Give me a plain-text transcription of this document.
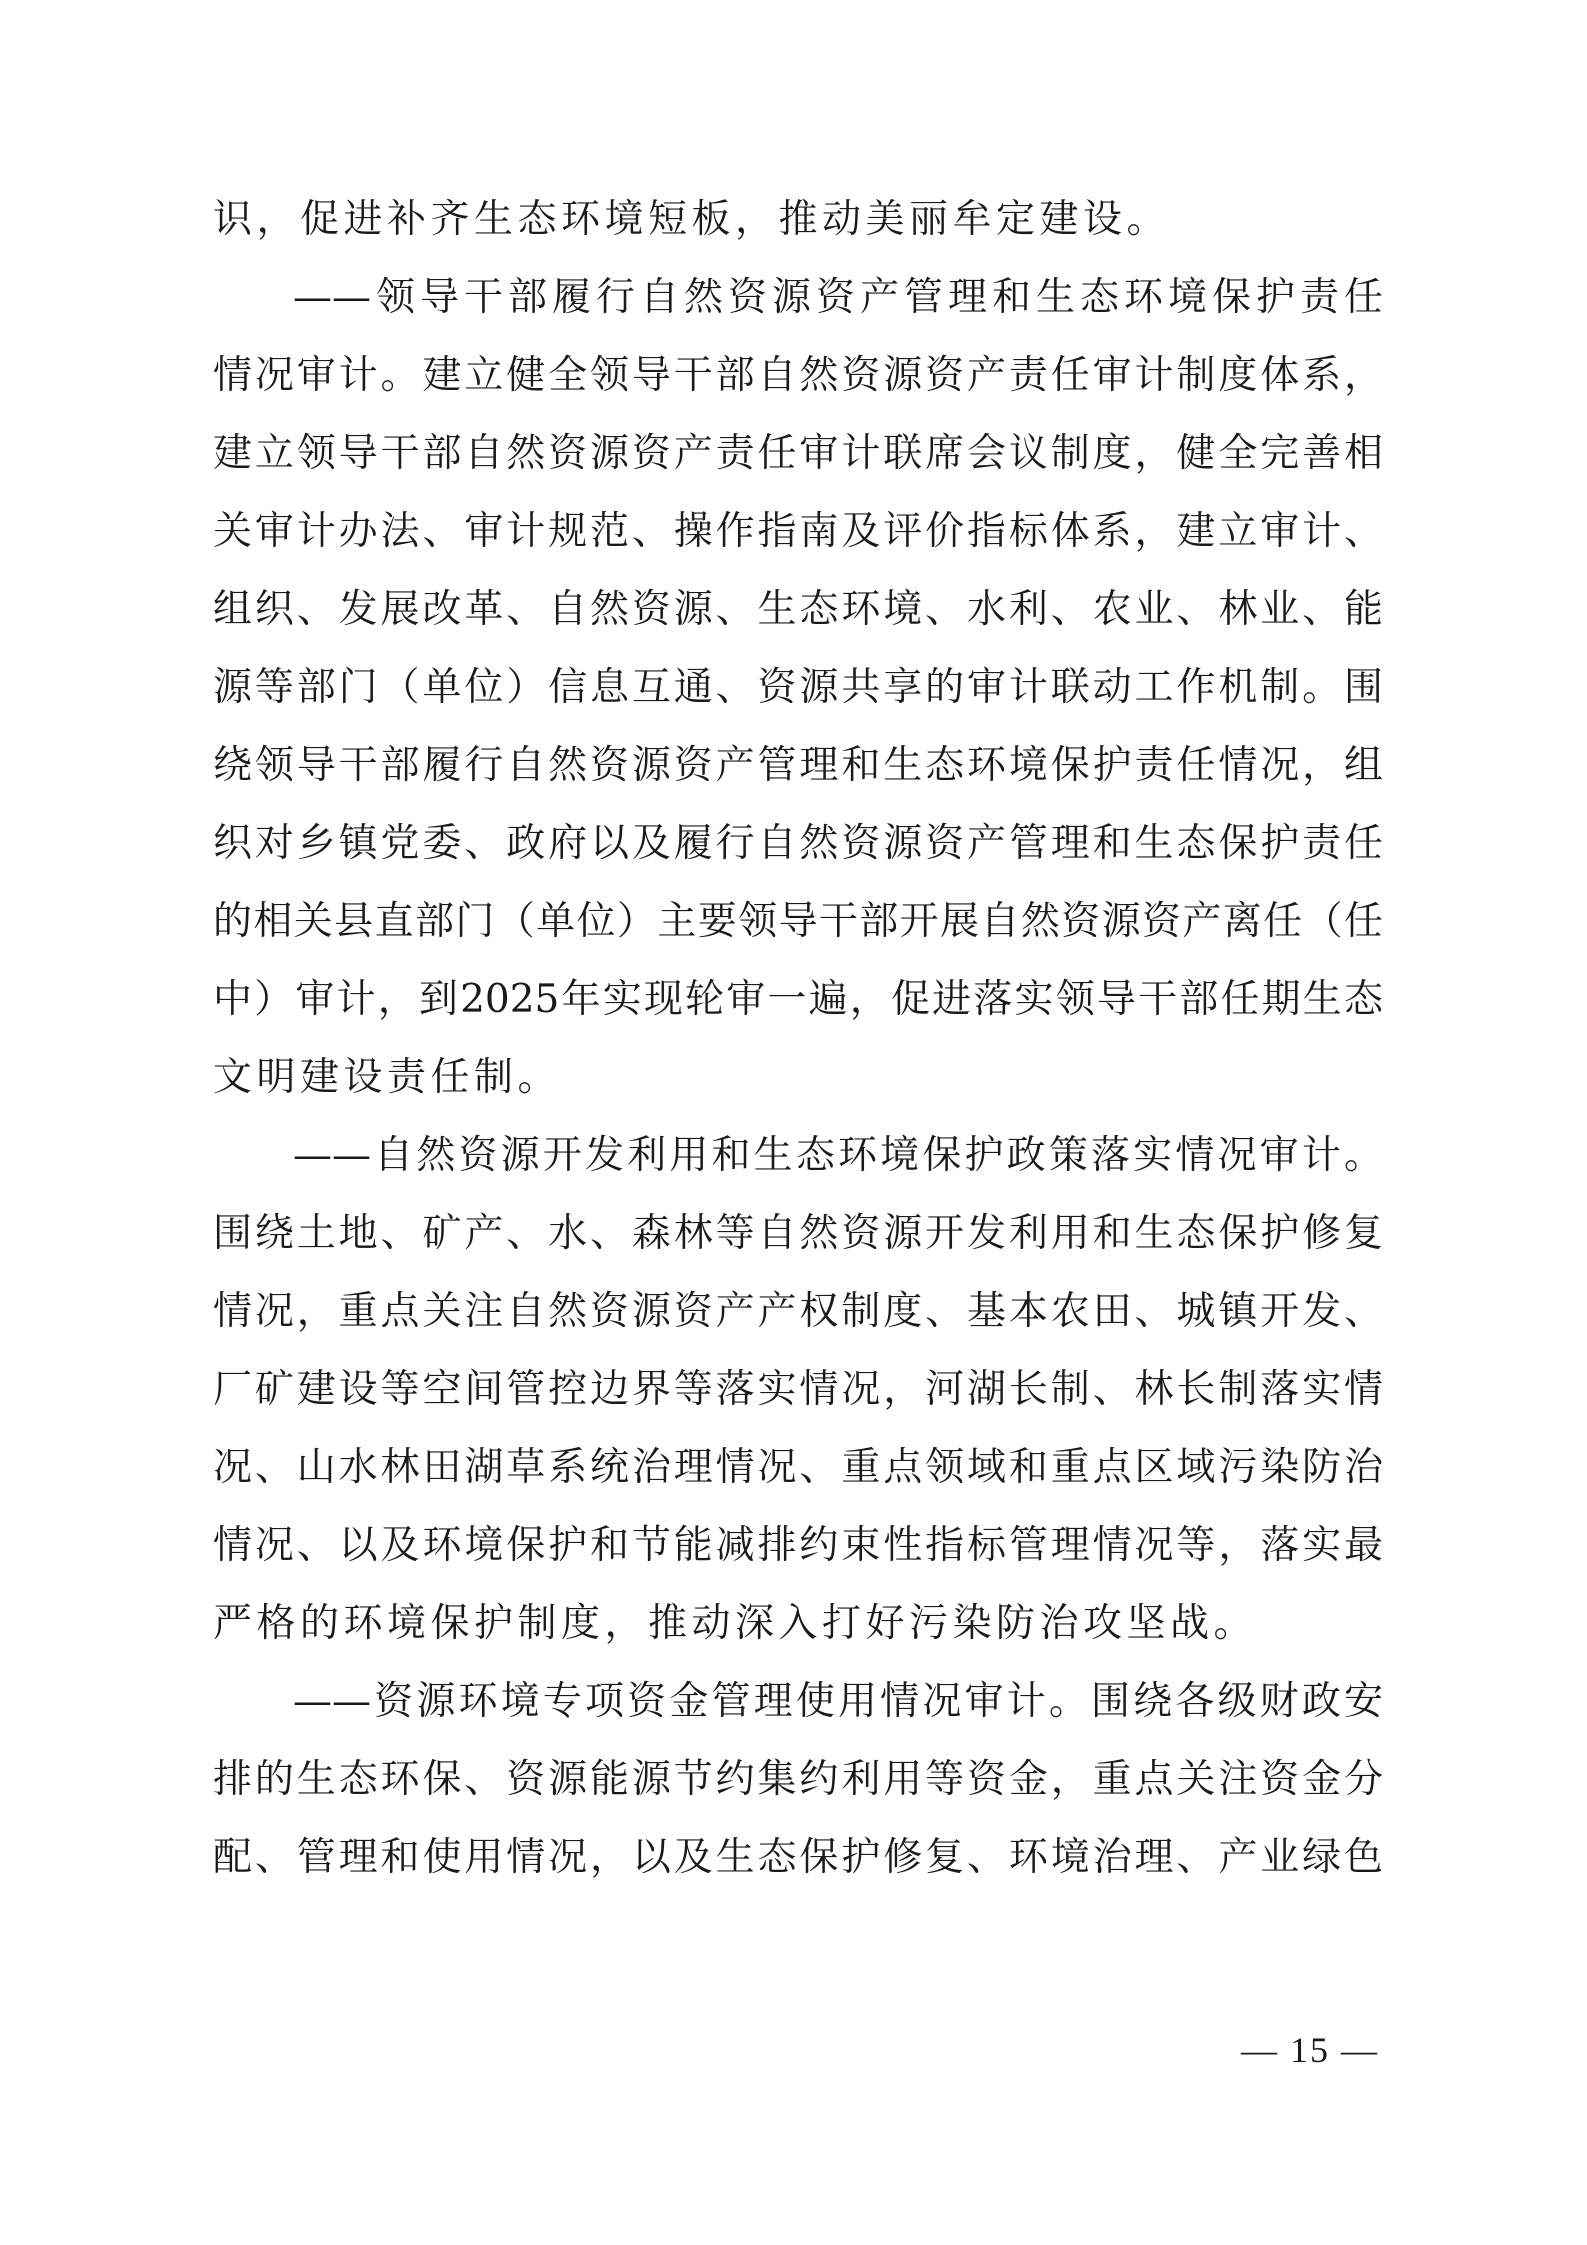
识，促进补齐生态环境短板，推动美丽牟定建设。
——领导干部履行自然资源资产管理和生态环境保护责任
情况审计。建立健全领导干部自然资源资产责任审计制度体系，
建立领导干部自然资源资产责任审计联席会议制度，健全完善相
关审计办法、审计规范、操作指南及评价指标体系，建立审计、
组织、发展改革、自然资源、生态环境、水利、农业、林业、能
源等部门（单位）信息互通、资源共享的审计联动工作机制。围
绕领导干部履行自然资源资产管理和生态环境保护责任情况，组
织对乡镇党委、政府以及履行自然资源资产管理和生态保护责任
的相关县直部门（单位）主要领导干部开展自然资源资产离任（任
中）审计，到2025年实现轮审一遍，促进落实领导干部任期生态
文明建设责任制。
——自然资源开发利用和生态环境保护政策落实情况审计。
围绕土地、矿产、水、森林等自然资源开发利用和生态保护修复
情况，重点关注自然资源资产产权制度、基本农田、城镇开发、
厂矿建设等空间管控边界等落实情况，河湖长制、林长制落实情
况、山水林田湖草系统治理情况、重点领域和重点区域污染防治
情况、以及环境保护和节能减排约束性指标管理情况等，落实最
严格的环境保护制度，推动深入打好污染防治攻坚战。
——资源环境专项资金管理使用情况审计。围绕各级财政安
排的生态环保、资源能源节约集约利用等资金，重点关注资金分
配、管理和使用情况，以及生态保护修复、环境治理、产业绿色
— 15 —
